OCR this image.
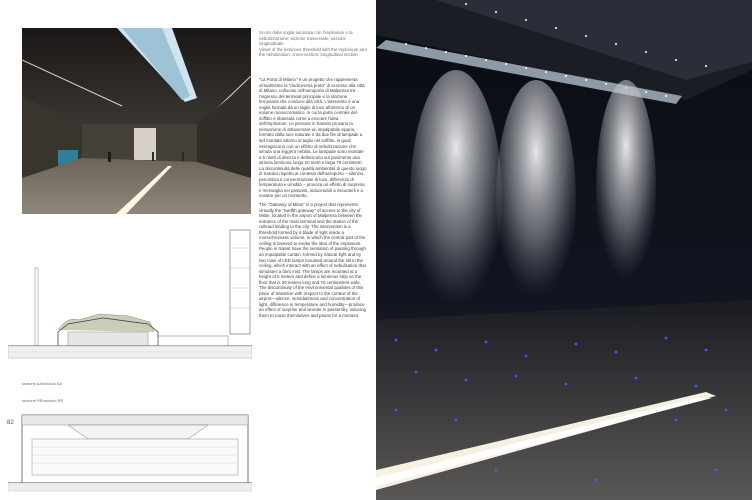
Scorci della soglia luminosa con l'implovium e la nebulizzazione; sezione trasversale; sezione longitudinale

Views of the luminous threshold with the implovium and the nebulization; cross-section; longitudinal section

"La Porta di Milano" è un progetto che rappresenta virtualmente la "dodicesima porta" di accesso alla città di Milano, collocato nell'aeroporto di Malpensa tra l'ingresso del terminal principale e la stazione ferroviaria che conduce alla città. L'intervento è una soglia formata da un taglio di luce all'interno di un volume monocromatico, in cui la parte centrale del soffitto è ribassata come a evocare l'idea dell'implovium. Le persone in transito provano la sensazione di attraversare un impalpabile sipario, formato dalla luce naturale e da due file di lampade a led montate attorno al taglio nel soffitto, in quali interagiscono con un effetto di nebulizzazione che simula una leggera nebbia. Le lampade sono montate a 5 metri di altezza e definiscono sul pavimento una striscia luminosa lunga 20 metri e larga 70 centimetri. La discontinuità delle qualità ambientali di questo luogo di transito rispetto al contesto dell'aeroporto – silenzio, penombra e concentrazione di luce, differenza di temperatura e umidità – provoca un effetto di sorpresa e meraviglia nei passanti, inducendoli a riscuoterli e a sostare per un momento.

The "Gateway of Milan" is a project that represents virtually the "twelfth gateway" of access to the city of Milan, located in the airport of Malpensa between the entrance of the main terminal and the station of the railroad leading to the city. The intervention is a threshold formed by a blade of light inside a monochromatic volume, in which the central part of the ceiling is lowered to evoke the idea of the implovium. People in transit have the sensation of passing through an impalpable curtain, formed by natural light and by two rows of LED lamps mounted around the slit in the ceiling, which interact with an effect of nebulization that simulates a faint mist. The lamps are mounted at a height of 5 meters and define a luminous strip on the floor that is 20 meters long and 70 centimeters wide. The discontinuity of the environmental qualities of this place of transition with respect to the context of the airport—silence, semidarkness and concentration of light, difference in temperature and humidity—produce an effect of surprise and wonder in passersby, inducing them to rouse themselves and pause for a moment.

sezione AA/section AA
sezione RR/section RR
82
